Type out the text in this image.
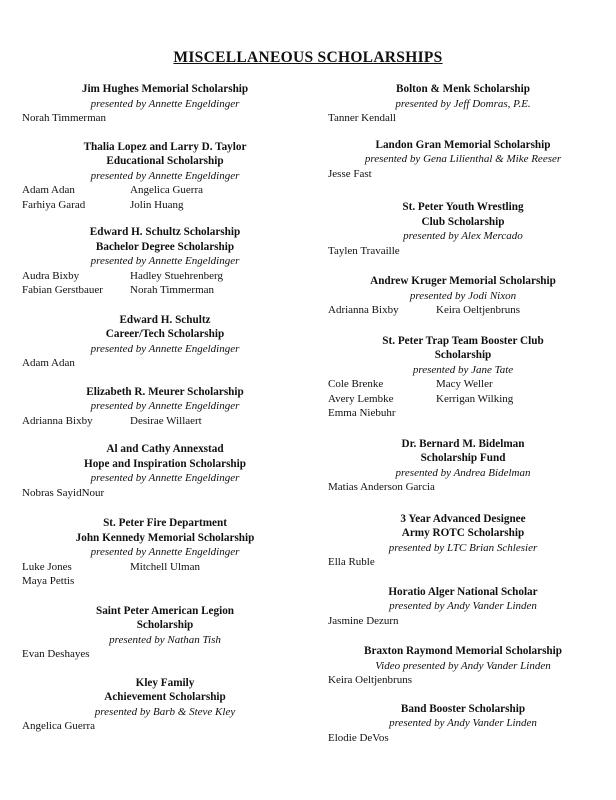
MISCELLANEOUS SCHOLARSHIPS
Jim Hughes Memorial Scholarship
presented by Annette Engeldinger
Norah Timmerman
Thalia Lopez and Larry D. Taylor
Educational Scholarship
presented by Annette Engeldinger
Adam Adan	Angelica Guerra
Farhiya Garad	Jolin Huang
Edward H. Schultz Scholarship
Bachelor Degree Scholarship
presented by Annette Engeldinger
Audra Bixby	Hadley Stuehrenberg
Fabian Gerstbauer	Norah Timmerman
Edward H. Schultz
Career/Tech Scholarship
presented by Annette Engeldinger
Adam Adan
Elizabeth R. Meurer Scholarship
presented by Annette Engeldinger
Adrianna Bixby	Desirae Willaert
Al and Cathy Annexstad
Hope and Inspiration Scholarship
presented by Annette Engeldinger
Nobras SayidNour
St. Peter Fire Department
John Kennedy Memorial Scholarship
presented by Annette Engeldinger
Luke Jones	Mitchell Ulman
Maya Pettis
Saint Peter American Legion
Scholarship
presented by Nathan Tish
Evan Deshayes
Kley Family
Achievement Scholarship
presented by Barb & Steve Kley
Angelica Guerra
Bolton & Menk Scholarship
presented by Jeff Domras, P.E.
Tanner Kendall
Landon Gran Memorial Scholarship
presented by Gena Lilienthal & Mike Reeser
Jesse Fast
St. Peter Youth Wrestling
Club Scholarship
presented by Alex Mercado
Taylen Travaille
Andrew Kruger Memorial Scholarship
presented by Jodi Nixon
Adrianna Bixby	Keira Oeltjenbruns
St. Peter Trap Team Booster Club
Scholarship
presented by Jane Tate
Cole Brenke	Macy Weller
Avery Lembke	Kerrigan Wilking
Emma Niebuhr
Dr. Bernard M. Bidelman
Scholarship Fund
presented by Andrea Bidelman
Matias Anderson Garcia
3 Year Advanced Designee
Army ROTC Scholarship
presented by LTC Brian Schlesier
Ella Ruble
Horatio Alger National Scholar
presented by Andy Vander Linden
Jasmine Dezurn
Braxton Raymond Memorial Scholarship
Video presented by Andy Vander Linden
Keira Oeltjenbruns
Band Booster Scholarship
presented by Andy Vander Linden
Elodie DeVos
